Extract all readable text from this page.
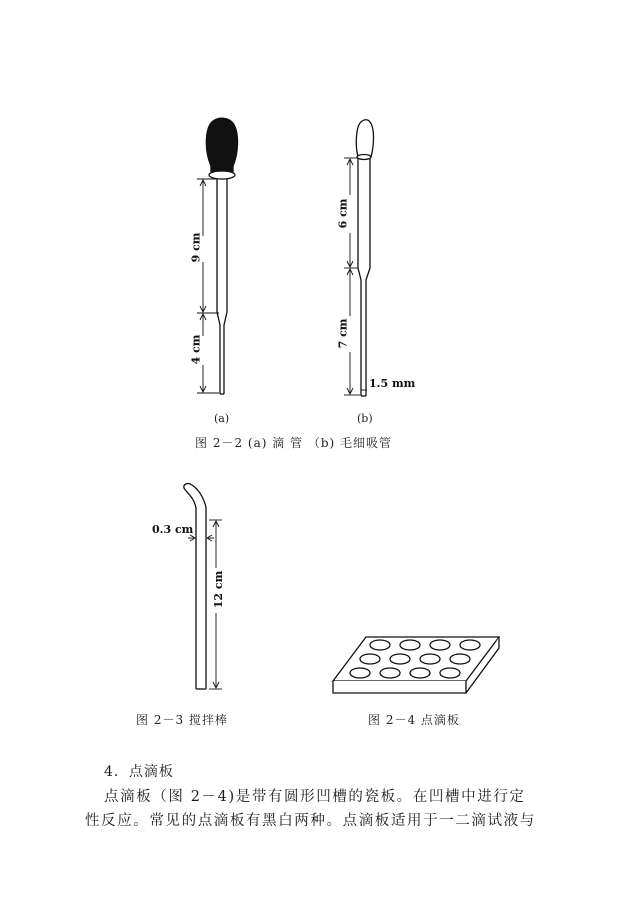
9 cm
4 cm
6 cm
7 cm
1.5 mm
(a)	(b)
图 2－2 (a) 滴 管 （b) 毛细吸管
0.3 cm
12 cm
图 2－3 搅拌棒	图 2－4 点滴板
4．点滴板
点滴板（图 2－4)是带有圆形凹槽的瓷板。在凹槽中进行定
性反应。常见的点滴板有黑白两种。点滴板适用于一二滴试液与
